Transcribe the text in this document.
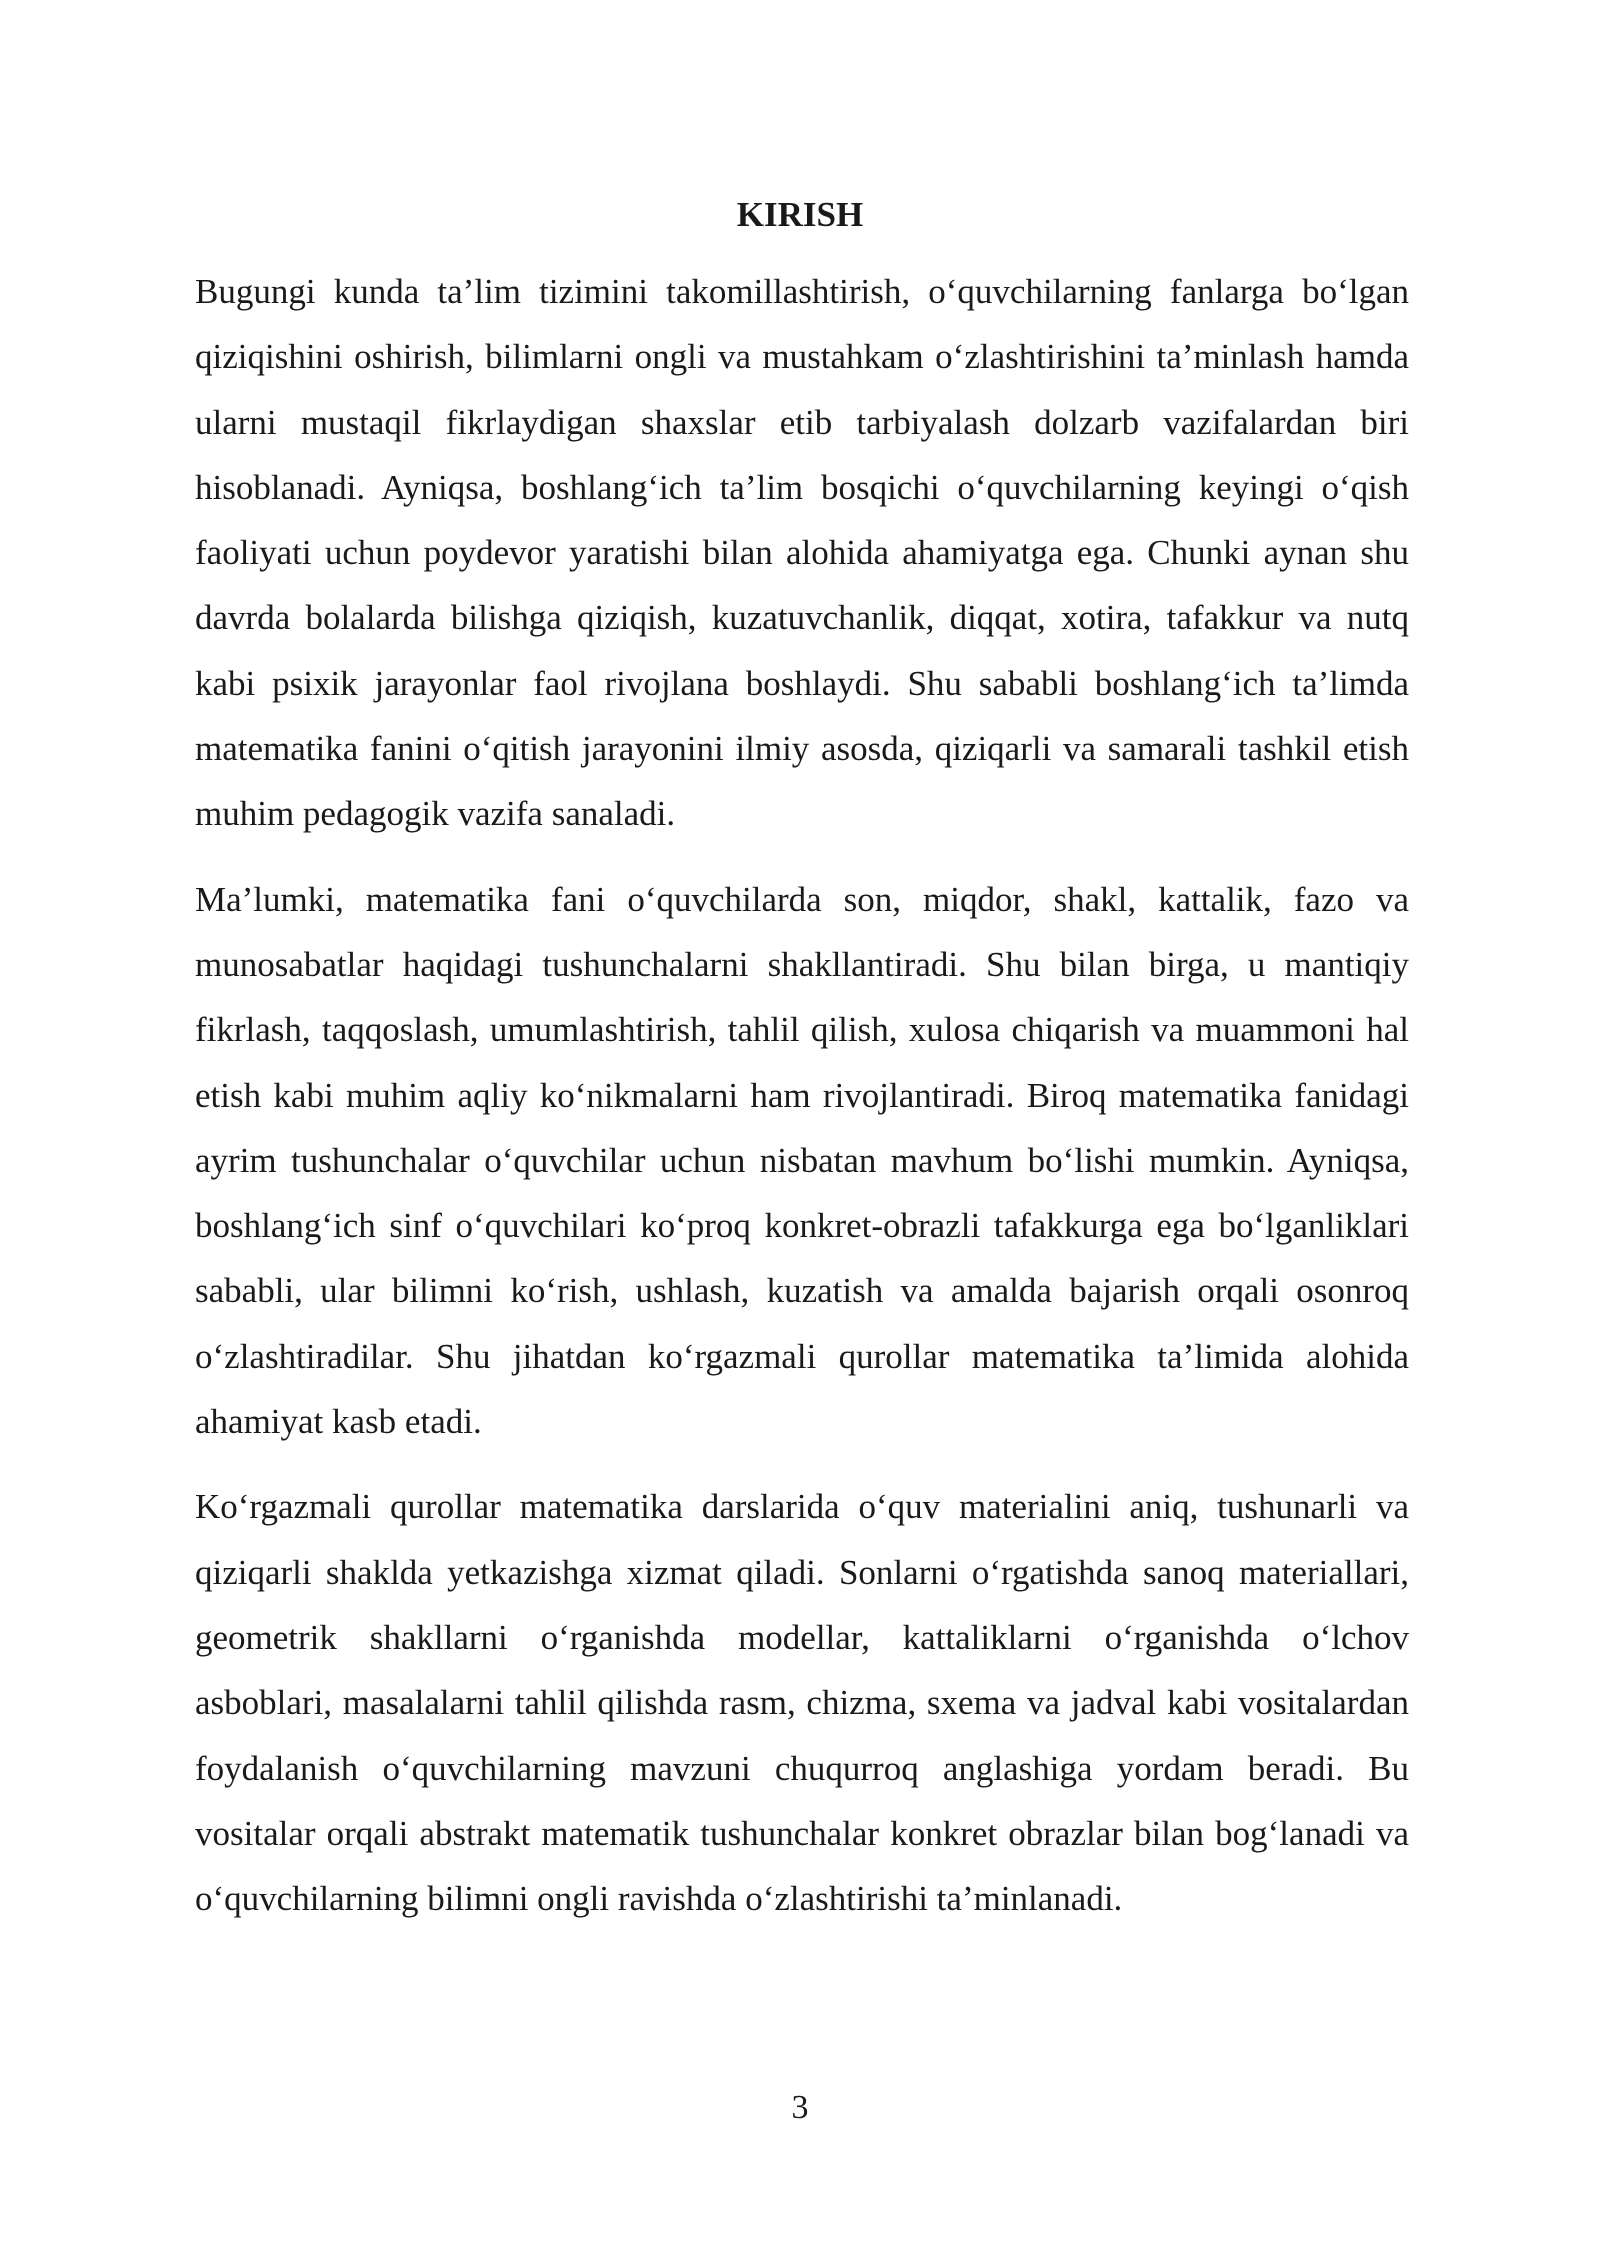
KIRISH

Bugungi kunda ta’lim tizimini takomillashtirish, o‘quvchilarning fanlarga bo‘lgan qiziqishini oshirish, bilimlarni ongli va mustahkam o‘zlashtirishini ta’minlash hamda ularni mustaqil fikrlaydigan shaxslar etib tarbiyalash dolzarb vazifalardan biri hisoblanadi. Ayniqsa, boshlang‘ich ta’lim bosqichi o‘quvchilarning keyingi o‘qish faoliyati uchun poydevor yaratishi bilan alohida ahamiyatga ega. Chunki aynan shu davrda bolalarda bilishga qiziqish, kuzatuvchanlik, diqqat, xotira, tafakkur va nutq kabi psixik jarayonlar faol rivojlana boshlaydi. Shu sababli boshlang‘ich ta’limda matematika fanini o‘qitish jarayonini ilmiy asosda, qiziqarli va samarali tashkil etish muhim pedagogik vazifa sanaladi.

Ma’lumki, matematika fani o‘quvchilarda son, miqdor, shakl, kattalik, fazo va munosabatlar haqidagi tushunchalarni shakllantiradi. Shu bilan birga, u mantiqiy fikrlash, taqqoslash, umumlashtirish, tahlil qilish, xulosa chiqarish va muammoni hal etish kabi muhim aqliy ko‘nikmalarni ham rivojlantiradi. Biroq matematika fanidagi ayrim tushunchalar o‘quvchilar uchun nisbatan mavhum bo‘lishi mumkin. Ayniqsa, boshlang‘ich sinf o‘quvchilari ko‘proq konkret-obrazli tafakkurga ega bo‘lganliklari sababli, ular bilimni ko‘rish, ushlash, kuzatish va amalda bajarish orqali osonroq o‘zlashtiradilar. Shu jihatdan ko‘rgazmali qurollar matematika ta’limida alohida ahamiyat kasb etadi.

Ko‘rgazmali qurollar matematika darslarida o‘quv materialini aniq, tushunarli va qiziqarli shaklda yetkazishga xizmat qiladi. Sonlarni o‘rgatishda sanoq materiallari, geometrik shakllarni o‘rganishda modellar, kattaliklarni o‘rganishda o‘lchov asboblari, masalalarni tahlil qilishda rasm, chizma, sxema va jadval kabi vositalardan foydalanish o‘quvchilarning mavzuni chuqurroq anglashiga yordam beradi. Bu vositalar orqali abstrakt matematik tushunchalar konkret obrazlar bilan bog‘lanadi va o‘quvchilarning bilimni ongli ravishda o‘zlashtirishi ta’minlanadi.

3
